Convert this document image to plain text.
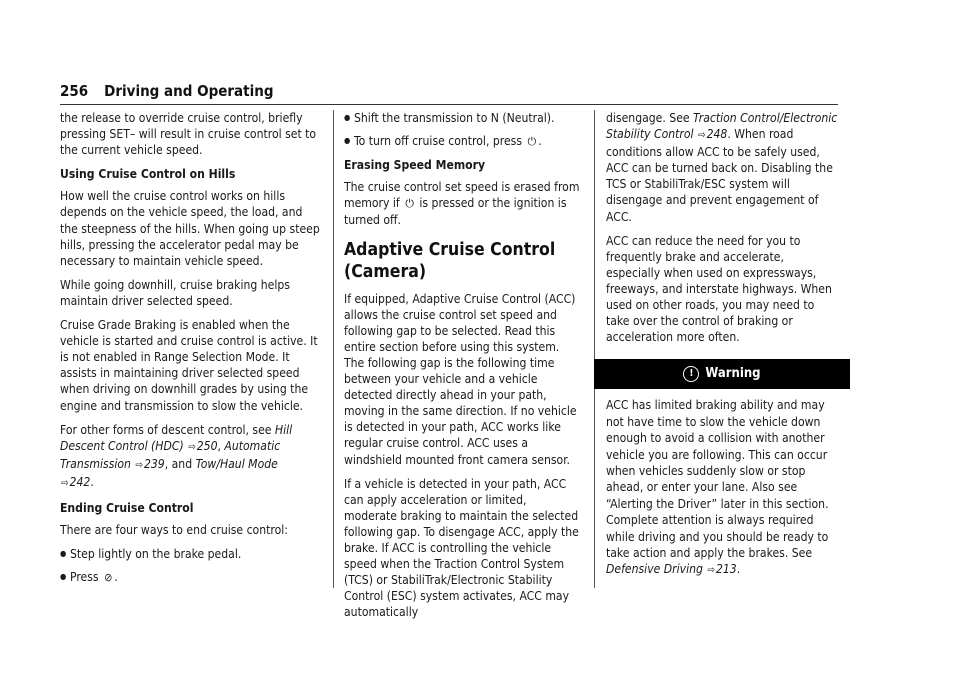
256 Driving and Operating

the release to override cruise control, briefly pressing SET– will result in cruise control set to the current vehicle speed.

Using Cruise Control on Hills

How well the cruise control works on hills depends on the vehicle speed, the load, and the steepness of the hills. When going up steep hills, pressing the accelerator pedal may be necessary to maintain vehicle speed.

While going downhill, cruise braking helps maintain driver selected speed.

Cruise Grade Braking is enabled when the vehicle is started and cruise control is active. It is not enabled in Range Selection Mode. It assists in maintaining driver selected speed when driving on downhill grades by using the engine and transmission to slow the vehicle.

For other forms of descent control, see Hill Descent Control (HDC) ⇨250, Automatic Transmission ⇨239, and Tow/Haul Mode
⇨242.

Ending Cruise Control

There are four ways to end cruise control:

● Step lightly on the brake pedal.
● Press ⊘ .
● Shift the transmission to N (Neutral).
● To turn off cruise control, press ⏻ .

Erasing Speed Memory

The cruise control set speed is erased from memory if ⏻ is pressed or the ignition is turned off.

Adaptive Cruise Control (Camera)

If equipped, Adaptive Cruise Control (ACC) allows the cruise control set speed and following gap to be selected. Read this entire section before using this system. The following gap is the following time between your vehicle and a vehicle detected directly ahead in your path, moving in the same direction. If no vehicle is detected in your path, ACC works like regular cruise control. ACC uses a windshield mounted front camera sensor.

If a vehicle is detected in your path, ACC can apply acceleration or limited, moderate braking to maintain the selected following gap. To disengage ACC, apply the brake. If ACC is controlling the vehicle speed when the Traction Control System (TCS) or StabiliTrak/Electronic Stability Control (ESC) system activates, ACC may automatically

disengage. See Traction Control/Electronic Stability Control ⇨248. When road conditions allow ACC to be safely used, ACC can be turned back on. Disabling the TCS or StabiliTrak/ESC system will disengage and prevent engagement of ACC.

ACC can reduce the need for you to frequently brake and accelerate, especially when used on expressways, freeways, and interstate highways. When used on other roads, you may need to take over the control of braking or acceleration more often.

! Warning
ACC has limited braking ability and may not have time to slow the vehicle down enough to avoid a collision with another vehicle you are following. This can occur when vehicles suddenly slow or stop ahead, or enter your lane. Also see “Alerting the Driver” later in this section. Complete attention is always required while driving and you should be ready to take action and apply the brakes. See Defensive Driving ⇨213.
